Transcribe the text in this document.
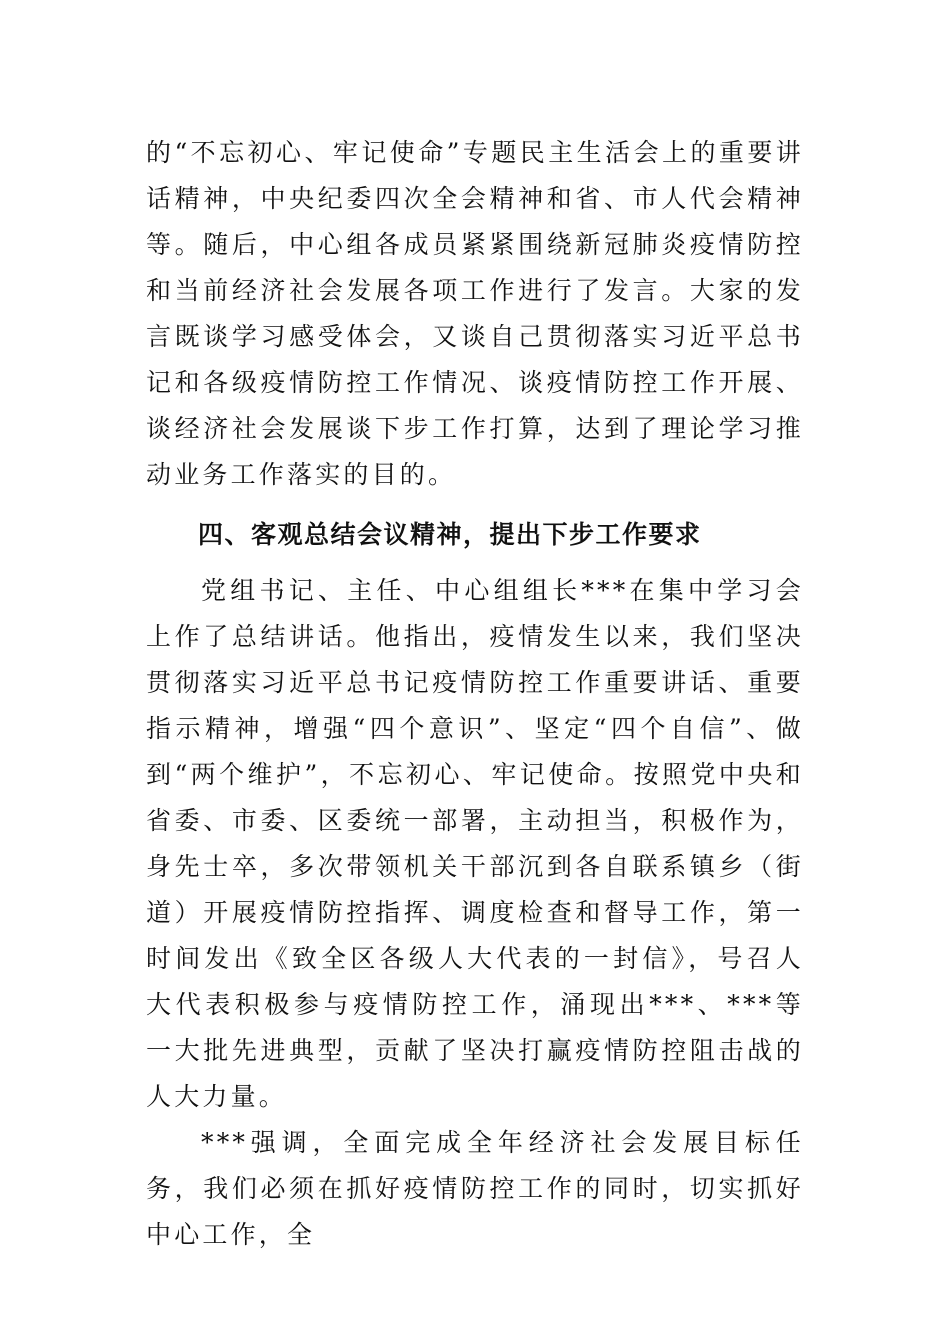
的“不忘初心、牢记使命”专题民主生活会上的重要讲话精神，中央纪委四次全会精神和省、市人代会精神等。随后，中心组各成员紧紧围绕新冠肺炎疫情防控和当前经济社会发展各项工作进行了发言。大家的发言既谈学习感受体会，又谈自己贯彻落实习近平总书记和各级疫情防控工作情况、谈疫情防控工作开展、谈经济社会发展谈下步工作打算，达到了理论学习推动业务工作落实的目的。

四、客观总结会议精神，提出下步工作要求

党组书记、主任、中心组组长***在集中学习会上作了总结讲话。他指出，疫情发生以来，我们坚决贯彻落实习近平总书记疫情防控工作重要讲话、重要指示精神，增强“四个意识”、坚定“四个自信”、做到“两个维护”，不忘初心、牢记使命。按照党中央和省委、市委、区委统一部署，主动担当，积极作为，身先士卒，多次带领机关干部沉到各自联系镇乡（街道）开展疫情防控指挥、调度检查和督导工作，第一时间发出《致全区各级人大代表的一封信》，号召人大代表积极参与疫情防控工作，涌现出***、***等一大批先进典型，贡献了坚决打赢疫情防控阻击战的人大力量。

***强调，全面完成全年经济社会发展目标任务，我们必须在抓好疫情防控工作的同时，切实抓好中心工作，全
